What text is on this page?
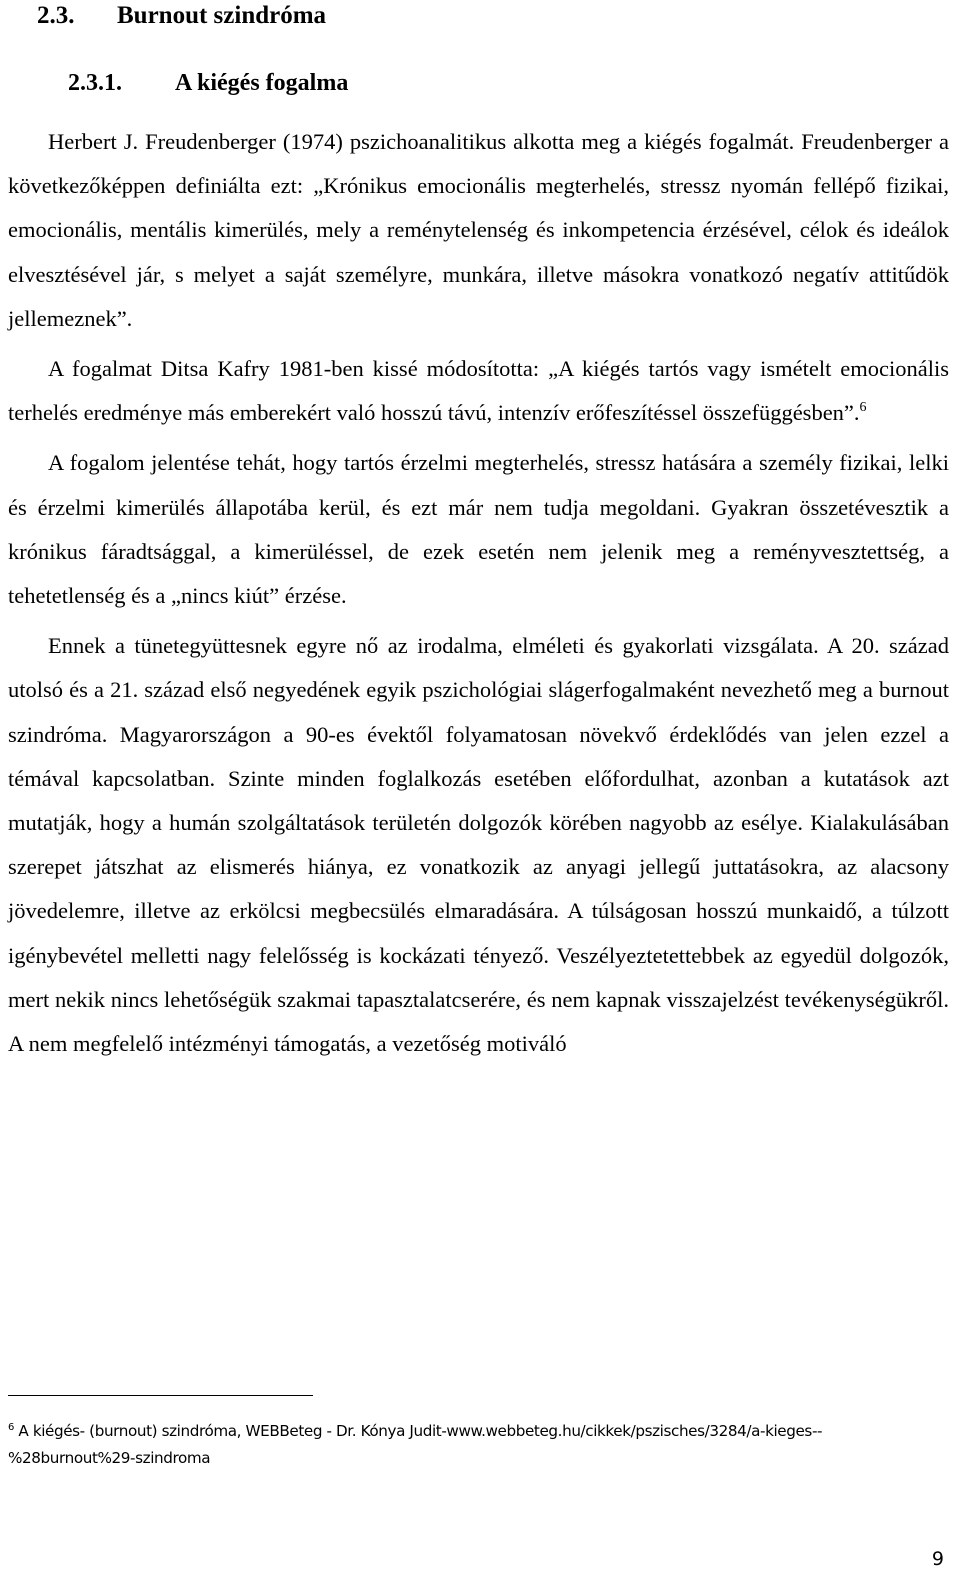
2.3. Burnout szindróma
2.3.1. A kiégés fogalma

Herbert J. Freudenberger (1974) pszichoanalitikus alkotta meg a kiégés fogalmát. Freudenberger a következőképpen definiálta ezt: „Krónikus emocionális megterhelés, stressz nyomán fellépő fizikai, emocionális, mentális kimerülés, mely a reménytelenség és inkompetencia érzésével, célok és ideálok elvesztésével jár, s melyet a saját személyre, munkára, illetve másokra vonatkozó negatív attitűdök jellemeznek”.

A fogalmat Ditsa Kafry 1981-ben kissé módosította: „A kiégés tartós vagy ismételt emocionális terhelés eredménye más emberekért való hosszú távú, intenzív erőfeszítéssel összefüggésben”.$^6$

A fogalom jelentése tehát, hogy tartós érzelmi megterhelés, stressz hatására a személy fizikai, lelki és érzelmi kimerülés állapotába kerül, és ezt már nem tudja megoldani. Gyakran összetévesztik a krónikus fáradtsággal, a kimerüléssel, de ezek esetén nem jelenik meg a reményvesztettség, a tehetetlenség és a „nincs kiút” érzése.

Ennek a tünetegyüttesnek egyre nő az irodalma, elméleti és gyakorlati vizsgálata. A 20. század utolsó és a 21. század első negyedének egyik pszichológiai slágerfogalmaként nevezhető meg a burnout szindróma. Magyarországon a 90-es évektől folyamatosan növekvő érdeklődés van jelen ezzel a témával kapcsolatban. Szinte minden foglalkozás esetében előfordulhat, azonban a kutatások azt mutatják, hogy a humán szolgáltatások területén dolgozók körében nagyobb az esélye. Kialakulásában szerepet játszhat az elismerés hiánya, ez vonatkozik az anyagi jellegű juttatásokra, az alacsony jövedelemre, illetve az erkölcsi megbecsülés elmaradására. A túlságosan hosszú munkaidő, a túlzott igénybevétel melletti nagy felelősség is kockázati tényező. Veszélyeztetettebbek az egyedül dolgozók, mert nekik nincs lehetőségük szakmai tapasztalatcserére, és nem kapnak visszajelzést tevékenységükről. A nem megfelelő intézményi támogatás, a vezetőség motiváló

$^6$ A kiégés- (burnout) szindróma, WEBBeteg - Dr. Kónya Judit-www.webbeteg.hu/cikkek/pszisches/3284/a-kieges--%28burnout%29-szindroma
9
